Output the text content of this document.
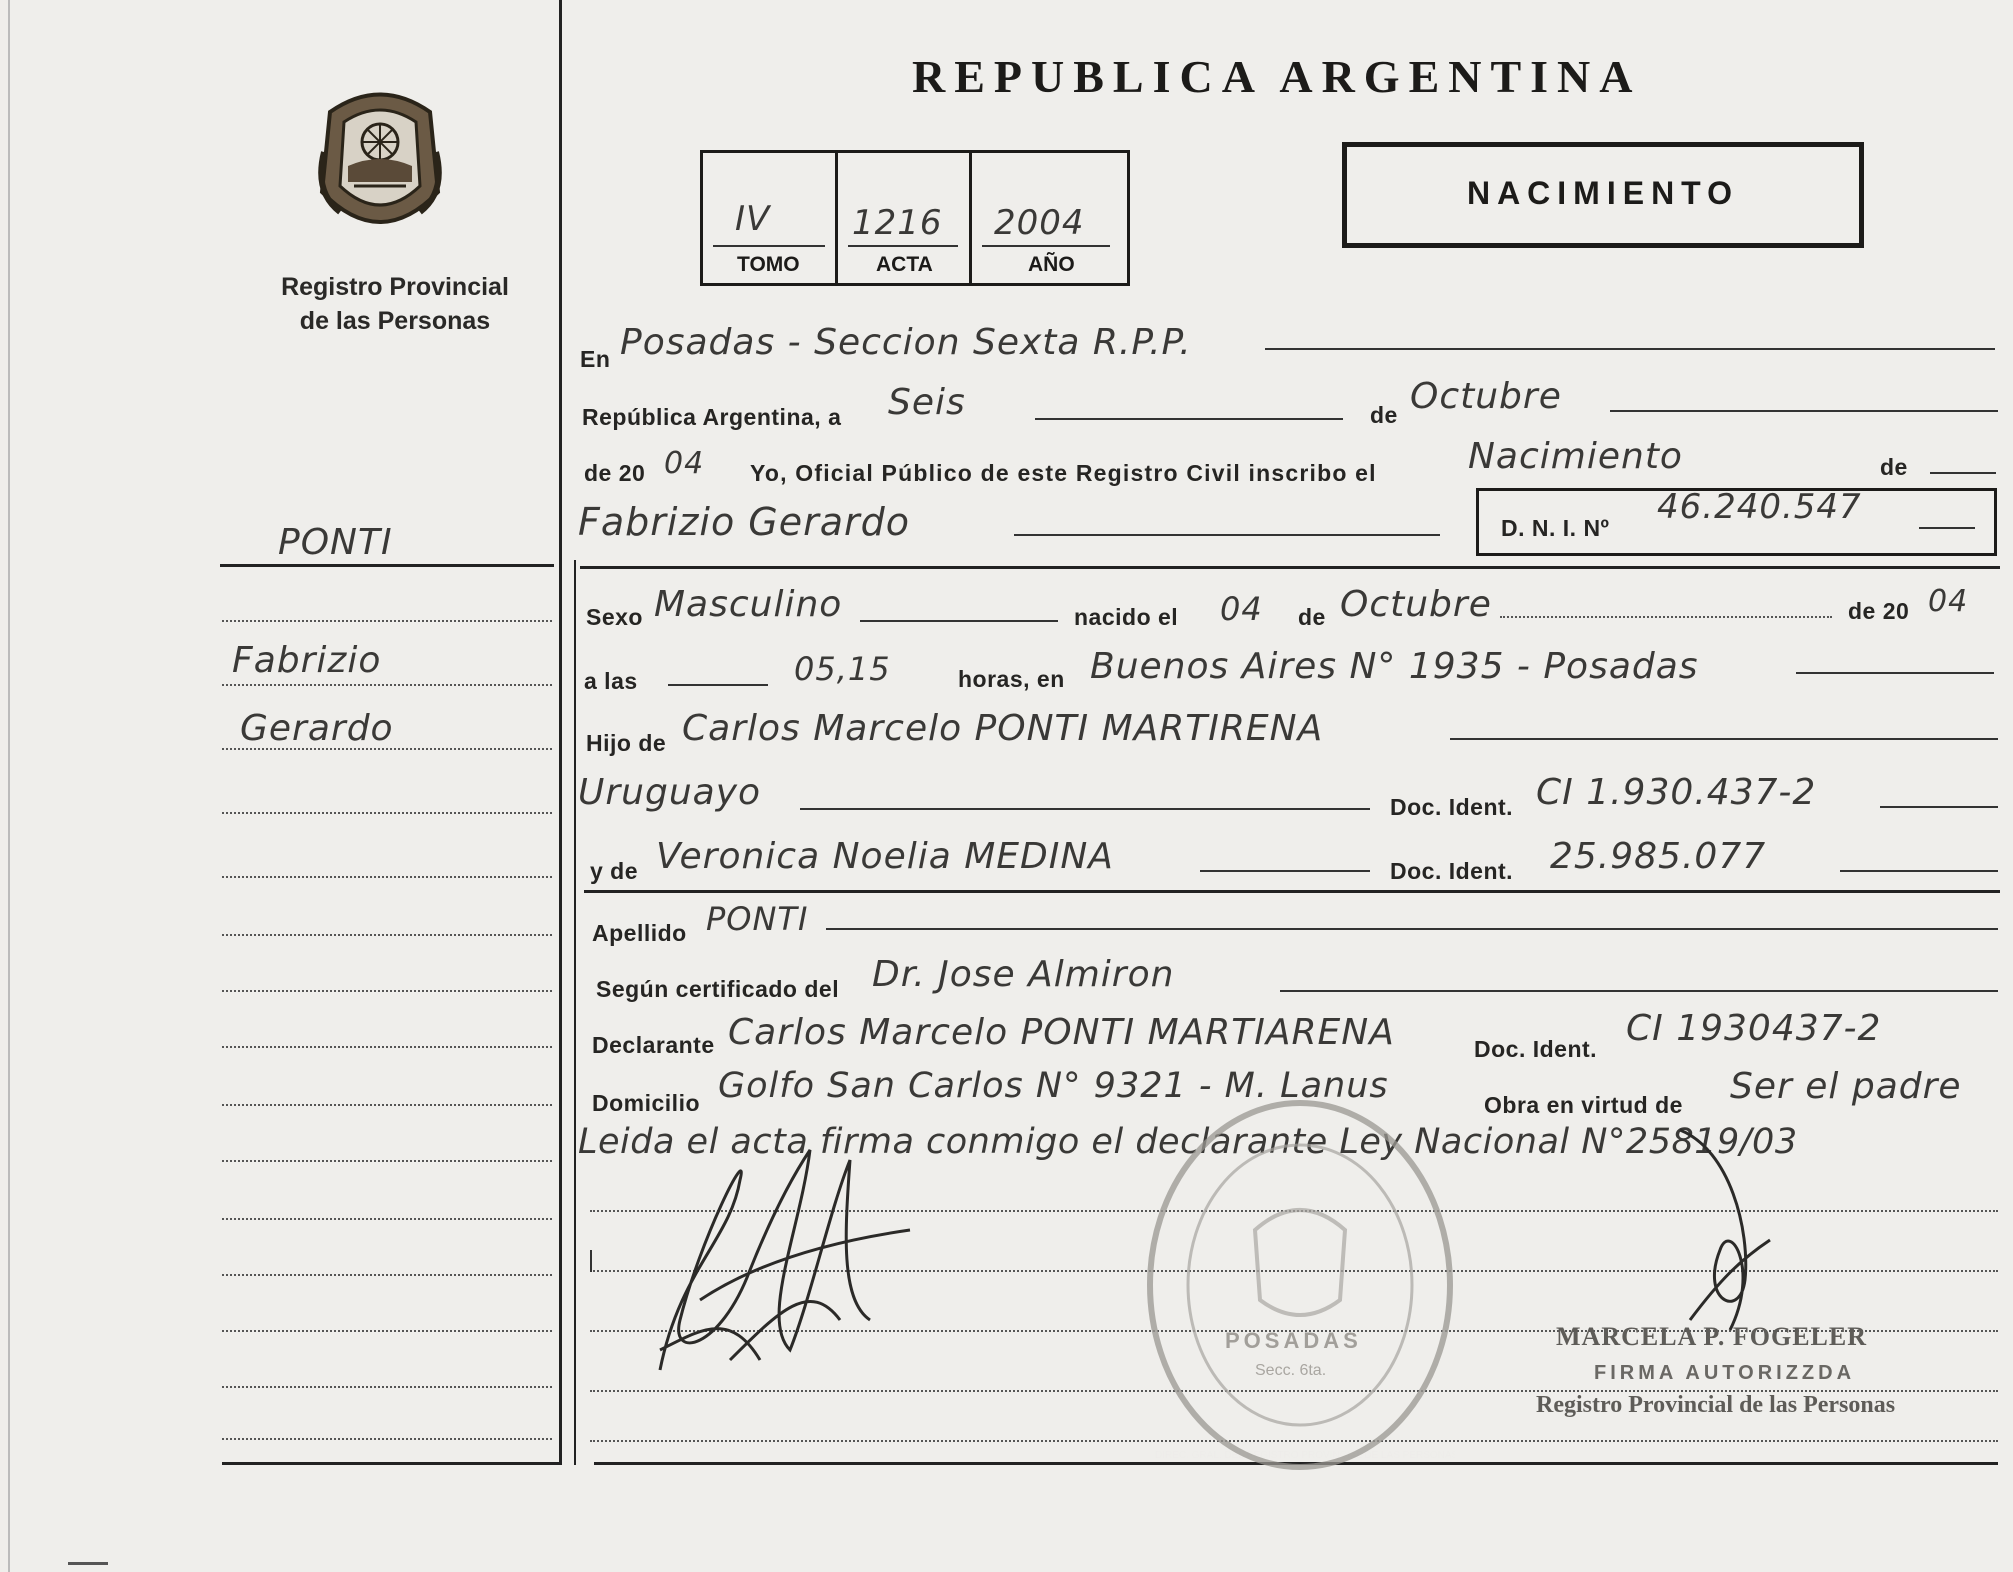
Registro Provincial
de las Personas
REPUBLICA ARGENTINA
IV
TOMO
1216
ACTA
2004
AÑO
NACIMIENTO
PONTI
Fabrizio
Gerardo
En Posadas - Seccion Sexta R.P.P.
República Argentina, a Seis	de Octubre
de 20 04 Yo, Oficial Público de este Registro Civil inscribo el	Nacimiento	de
Fabrizio Gerardo	D. N. I. Nº
46.240.547
Sexo Masculino	nacido el 04 de Octubre	de 20 04
a las	05,15	horas, en Buenos Aires N° 1935 - Posadas
Hijo de Carlos Marcelo PONTI MARTIRENA
Uruguayo	Doc. Ident. CI 1.930.437-2
y de Veronica Noelia MEDINA	Doc. Ident. 25.985.077
Apellido PONTI
Según certificado del Dr. Jose Almiron
Declarante Carlos Marcelo PONTI MARTIARENA	Doc. Ident. CI 1930437-2
Domicilio Golfo San Carlos N° 9321 - M. Lanus	Obra en virtud de Ser el padre
Leida el acta firma conmigo el declarante Ley Nacional N°25819/03
POSADAS
Secc. 6ta.
MARCELA P. FOGELER
FIRMA AUTORIZZDA
Registro Provincial de las Personas
